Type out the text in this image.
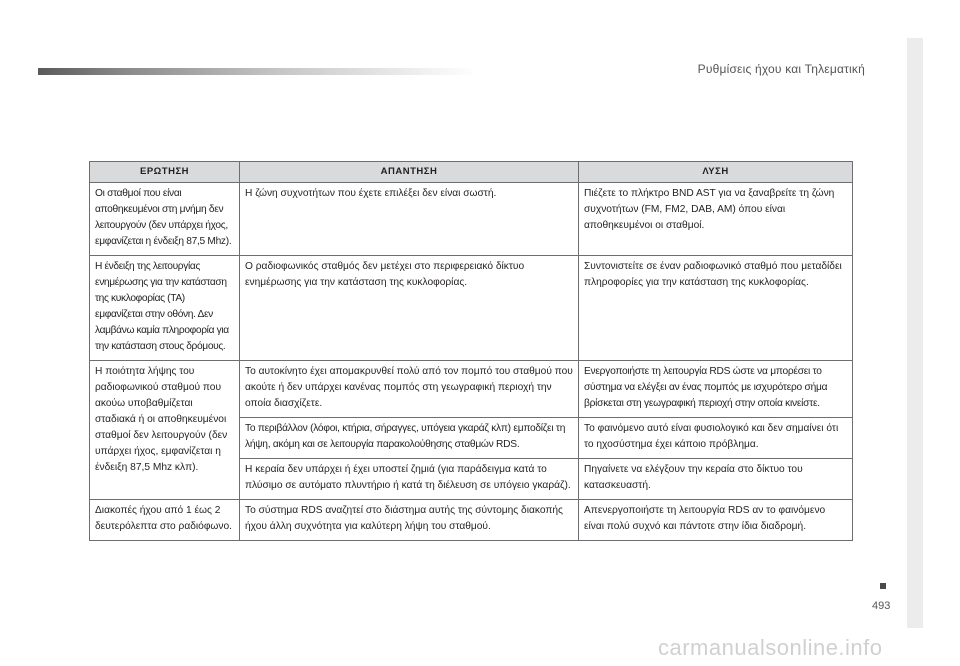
Ρυθμίσεις ήχου και Τηλεματική
ΕΡΩΤΗΣΗ	ΑΠΑΝΤΗΣΗ	ΛΥΣΗ
Οι σταθμοί που είναι αποθηκευμένοι στη μνήμη δεν λειτουργούν (δεν υπάρχει ήχος, εμφανίζεται η ένδειξη 87,5 Mhz).	Η ζώνη συχνοτήτων που έχετε επιλέξει δεν είναι σωστή.	Πιέζετε το πλήκτρο BND AST για να ξαναβρείτε τη ζώνη συχνοτήτων (FM, FM2, DAB, AM) όπου είναι αποθηκευμένοι οι σταθμοί.
Η ένδειξη της λειτουργίας ενημέρωσης για την κατάσταση της κυκλοφορίας (TA) εμφανίζεται στην οθόνη. Δεν λαμβάνω καμία πληροφορία για την κατάσταση στους δρόμους.	Ο ραδιοφωνικός σταθμός δεν μετέχει στο περιφερειακό δίκτυο ενημέρωσης για την κατάσταση της κυκλοφορίας.	Συντονιστείτε σε έναν ραδιοφωνικό σταθμό που μεταδίδει πληροφορίες για την κατάσταση της κυκλοφορίας.
Η ποιότητα λήψης του ραδιοφωνικού σταθμού που ακούω υποβαθμίζεται σταδιακά ή οι αποθηκευμένοι σταθμοί δεν λειτουργούν (δεν υπάρχει ήχος, εμφανίζεται η ένδειξη 87,5 Mhz κλπ).	Το αυτοκίνητο έχει απομακρυνθεί πολύ από τον πομπό του σταθμού που ακούτε ή δεν υπάρχει κανένας πομπός στη γεωγραφική περιοχή την οποία διασχίζετε.	Ενεργοποιήστε τη λειτουργία RDS ώστε να μπορέσει το σύστημα να ελέγξει αν ένας πομπός με ισχυρότερο σήμα βρίσκεται στη γεωγραφική περιοχή στην οποία κινείστε.
	Το περιβάλλον (λόφοι, κτήρια, σήραγγες, υπόγεια γκαράζ κλπ) εμποδίζει τη λήψη, ακόμη και σε λειτουργία παρακολούθησης σταθμών RDS.	Το φαινόμενο αυτό είναι φυσιολογικό και δεν σημαίνει ότι το ηχοσύστημα έχει κάποιο πρόβλημα.
	Η κεραία δεν υπάρχει ή έχει υποστεί ζημιά (για παράδειγμα κατά το πλύσιμο σε αυτόματο πλυντήριο ή κατά τη διέλευση σε υπόγειο γκαράζ).	Πηγαίνετε να ελέγξουν την κεραία στο δίκτυο του κατασκευαστή.
Διακοπές ήχου από 1 έως 2 δευτερόλεπτα στο ραδιόφωνο.	Το σύστημα RDS αναζητεί στο διάστημα αυτής της σύντομης διακοπής ήχου άλλη συχνότητα για καλύτερη λήψη του σταθμού.	Απενεργοποιήστε τη λειτουργία RDS αν το φαινόμενο είναι πολύ συχνό και πάντοτε στην ίδια διαδρομή.
493
carmanualsonline.info
